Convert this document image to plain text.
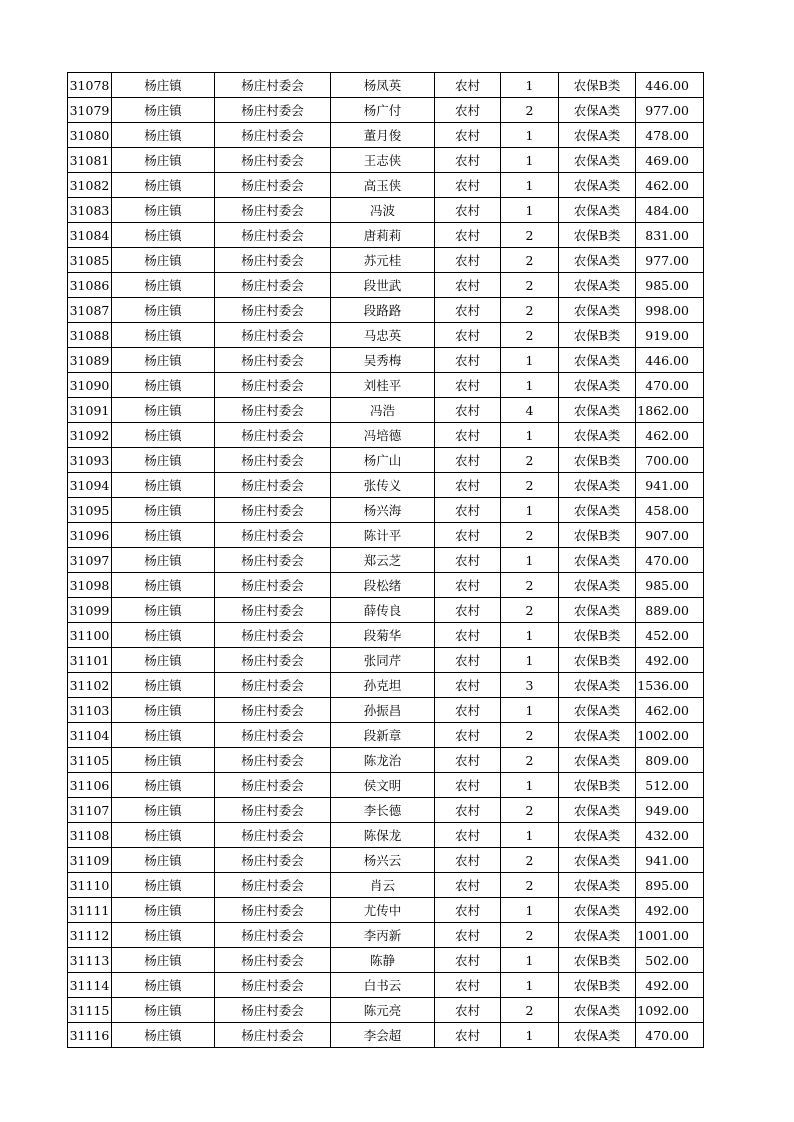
31078	杨庄镇	杨庄村委会	杨凤英	农村	1	农保B类	446.00
31079	杨庄镇	杨庄村委会	杨广付	农村	2	农保A类	977.00
31080	杨庄镇	杨庄村委会	董月俊	农村	1	农保A类	478.00
31081	杨庄镇	杨庄村委会	王志侠	农村	1	农保A类	469.00
31082	杨庄镇	杨庄村委会	高玉侠	农村	1	农保A类	462.00
31083	杨庄镇	杨庄村委会	冯波	农村	1	农保A类	484.00
31084	杨庄镇	杨庄村委会	唐莉莉	农村	2	农保B类	831.00
31085	杨庄镇	杨庄村委会	苏元桂	农村	2	农保A类	977.00
31086	杨庄镇	杨庄村委会	段世武	农村	2	农保A类	985.00
31087	杨庄镇	杨庄村委会	段路路	农村	2	农保A类	998.00
31088	杨庄镇	杨庄村委会	马忠英	农村	2	农保B类	919.00
31089	杨庄镇	杨庄村委会	吴秀梅	农村	1	农保A类	446.00
31090	杨庄镇	杨庄村委会	刘桂平	农村	1	农保A类	470.00
31091	杨庄镇	杨庄村委会	冯浩	农村	4	农保A类	1862.00
31092	杨庄镇	杨庄村委会	冯培德	农村	1	农保A类	462.00
31093	杨庄镇	杨庄村委会	杨广山	农村	2	农保B类	700.00
31094	杨庄镇	杨庄村委会	张传义	农村	2	农保A类	941.00
31095	杨庄镇	杨庄村委会	杨兴海	农村	1	农保A类	458.00
31096	杨庄镇	杨庄村委会	陈计平	农村	2	农保B类	907.00
31097	杨庄镇	杨庄村委会	郑云芝	农村	1	农保A类	470.00
31098	杨庄镇	杨庄村委会	段松绪	农村	2	农保A类	985.00
31099	杨庄镇	杨庄村委会	薛传良	农村	2	农保A类	889.00
31100	杨庄镇	杨庄村委会	段菊华	农村	1	农保B类	452.00
31101	杨庄镇	杨庄村委会	张同芹	农村	1	农保B类	492.00
31102	杨庄镇	杨庄村委会	孙克坦	农村	3	农保A类	1536.00
31103	杨庄镇	杨庄村委会	孙振昌	农村	1	农保A类	462.00
31104	杨庄镇	杨庄村委会	段新章	农村	2	农保A类	1002.00
31105	杨庄镇	杨庄村委会	陈龙治	农村	2	农保A类	809.00
31106	杨庄镇	杨庄村委会	侯文明	农村	1	农保B类	512.00
31107	杨庄镇	杨庄村委会	李长德	农村	2	农保A类	949.00
31108	杨庄镇	杨庄村委会	陈保龙	农村	1	农保A类	432.00
31109	杨庄镇	杨庄村委会	杨兴云	农村	2	农保A类	941.00
31110	杨庄镇	杨庄村委会	肖云	农村	2	农保A类	895.00
31111	杨庄镇	杨庄村委会	尤传中	农村	1	农保A类	492.00
31112	杨庄镇	杨庄村委会	李丙新	农村	2	农保A类	1001.00
31113	杨庄镇	杨庄村委会	陈静	农村	1	农保B类	502.00
31114	杨庄镇	杨庄村委会	白书云	农村	1	农保B类	492.00
31115	杨庄镇	杨庄村委会	陈元亮	农村	2	农保A类	1092.00
31116	杨庄镇	杨庄村委会	李会超	农村	1	农保A类	470.00
